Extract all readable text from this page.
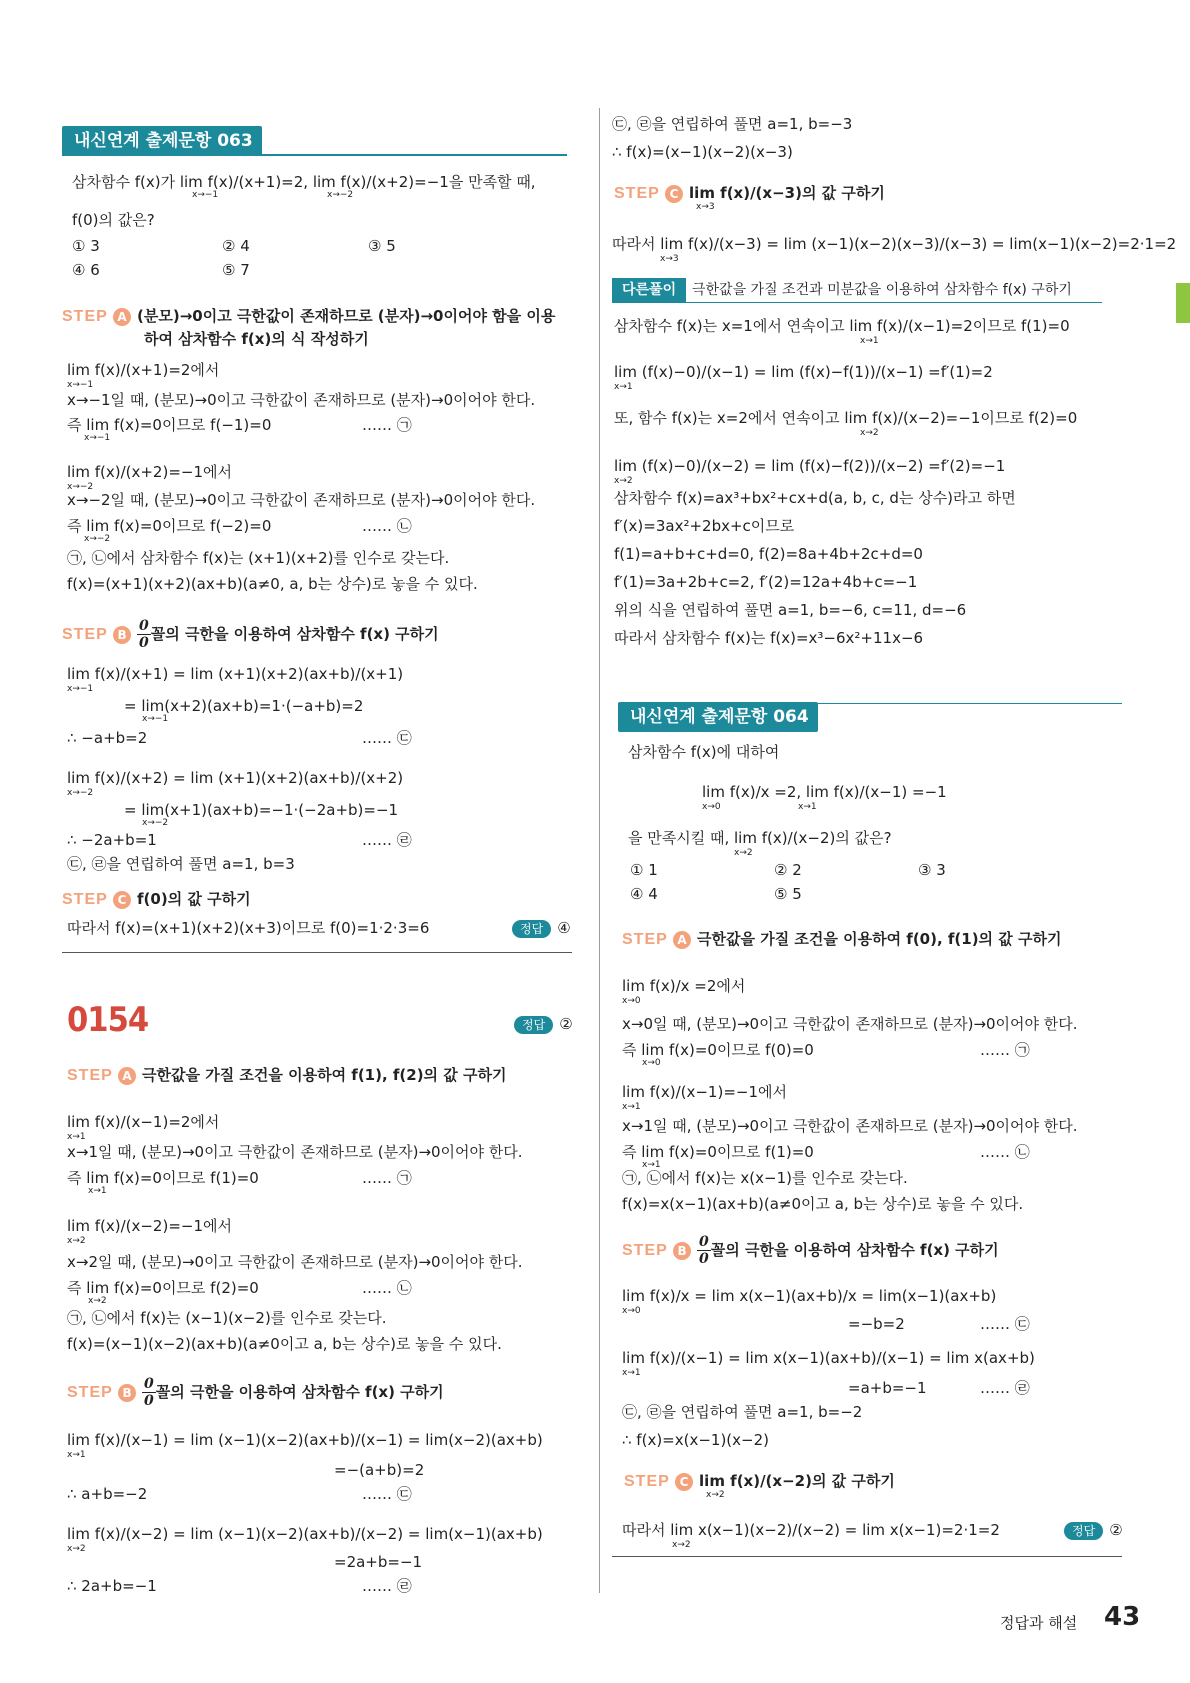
내신연계 출제문항 063
삼차함수 f(x)가 lim f(x)/(x+1)=2, lim f(x)/(x+2)=−1을 만족할 때,
x→−1	x→−2
f(0)의 값은?
① 3	② 4	③ 5
④ 6	⑤ 7
STEP A (분모)→0이고 극한값이 존재하므로 (분자)→0이어야 함을 이용
하여 삼차함수 f(x)의 식 작성하기
lim f(x)/(x+1)=2에서
x→−1
x→−1일 때, (분모)→0이고 극한값이 존재하므로 (분자)→0이어야 한다.
즉 lim f(x)=0이므로 f(−1)=0
x→−1
…… ㉠
lim f(x)/(x+2)=−1에서
x→−2
x→−2일 때, (분모)→0이고 극한값이 존재하므로 (분자)→0이어야 한다.
즉 lim f(x)=0이므로 f(−2)=0
x→−2
…… ㉡
㉠, ㉡에서 삼차함수 f(x)는 (x+1)(x+2)를 인수로 갖는다.
f(x)=(x+1)(x+2)(ax+b)(a≠0, a, b는 상수)로 놓을 수 있다.
STEP B $\frac{0}{0}$ 꼴의 극한을 이용하여 삼차함수 f(x) 구하기
lim f(x)/(x+1) = lim (x+1)(x+2)(ax+b)/(x+1)
x→−1
= lim(x+2)(ax+b)=1·(−a+b)=2
x→−1
∴ −a+b=2	…… ㉢
lim f(x)/(x+2) = lim (x+1)(x+2)(ax+b)/(x+2)
x→−2
= lim(x+1)(ax+b)=−1·(−2a+b)=−1
x→−2
∴ −2a+b=1	…… ㉣
㉢, ㉣을 연립하여 풀면 a=1, b=3
STEP C f(0)의 값 구하기
따라서 f(x)=(x+1)(x+2)(x+3)이므로 f(0)=1·2·3=6	정답 ④
0154	정답 ②
STEP A 극한값을 가질 조건을 이용하여 f(1), f(2)의 값 구하기
lim f(x)/(x−1)=2에서
x→1
x→1일 때, (분모)→0이고 극한값이 존재하므로 (분자)→0이어야 한다.
즉 lim f(x)=0이므로 f(1)=0
x→1
…… ㉠
lim f(x)/(x−2)=−1에서
x→2
x→2일 때, (분모)→0이고 극한값이 존재하므로 (분자)→0이어야 한다.
즉 lim f(x)=0이므로 f(2)=0
x→2
…… ㉡
㉠, ㉡에서 f(x)는 (x−1)(x−2)를 인수로 갖는다.
f(x)=(x−1)(x−2)(ax+b)(a≠0이고 a, b는 상수)로 놓을 수 있다.
STEP B $\frac{0}{0}$ 꼴의 극한을 이용하여 삼차함수 f(x) 구하기
lim f(x)/(x−1) = lim (x−1)(x−2)(ax+b)/(x−1) = lim(x−2)(ax+b)
x→1
=−(a+b)=2
∴ a+b=−2	…… ㉢
lim f(x)/(x−2) = lim (x−1)(x−2)(ax+b)/(x−2) = lim(x−1)(ax+b)
x→2
=2a+b=−1
∴ 2a+b=−1	…… ㉣
㉢, ㉣을 연립하여 풀면 a=1, b=−3
∴ f(x)=(x−1)(x−2)(x−3)
STEP C lim f(x)/(x−3)의 값 구하기
x→3
따라서 lim f(x)/(x−3) = lim (x−1)(x−2)(x−3)/(x−3) = lim(x−1)(x−2)=2·1=2
x→3
다른풀이	극한값을 가질 조건과 미분값을 이용하여 삼차함수 f(x) 구하기
삼차함수 f(x)는 x=1에서 연속이고 lim f(x)/(x−1)=2이므로 f(1)=0
x→1
lim (f(x)−0)/(x−1) = lim (f(x)−f(1))/(x−1) =f′(1)=2
x→1
또, 함수 f(x)는 x=2에서 연속이고 lim f(x)/(x−2)=−1이므로 f(2)=0
x→2
lim (f(x)−0)/(x−2) = lim (f(x)−f(2))/(x−2) =f′(2)=−1
x→2
삼차함수 f(x)=ax³+bx²+cx+d(a, b, c, d는 상수)라고 하면
f′(x)=3ax²+2bx+c이므로
f(1)=a+b+c+d=0, f(2)=8a+4b+2c+d=0
f′(1)=3a+2b+c=2, f′(2)=12a+4b+c=−1
위의 식을 연립하여 풀면 a=1, b=−6, c=11, d=−6
따라서 삼차함수 f(x)는 f(x)=x³−6x²+11x−6
내신연계 출제문항 064
삼차함수 f(x)에 대하여
lim f(x)/x =2, lim f(x)/(x−1) =−1
x→0	x→1
을 만족시킬 때, lim f(x)/(x−2)의 값은?
x→2
① 1	② 2	③ 3
④ 4	⑤ 5
STEP A 극한값을 가질 조건을 이용하여 f(0), f(1)의 값 구하기
lim f(x)/x =2에서
x→0
x→0일 때, (분모)→0이고 극한값이 존재하므로 (분자)→0이어야 한다.
즉 lim f(x)=0이므로 f(0)=0
x→0
…… ㉠
lim f(x)/(x−1)=−1에서
x→1
x→1일 때, (분모)→0이고 극한값이 존재하므로 (분자)→0이어야 한다.
즉 lim f(x)=0이므로 f(1)=0
x→1
…… ㉡
㉠, ㉡에서 f(x)는 x(x−1)를 인수로 갖는다.
f(x)=x(x−1)(ax+b)(a≠0이고 a, b는 상수)로 놓을 수 있다.
STEP B $\frac{0}{0}$ 꼴의 극한을 이용하여 삼차함수 f(x) 구하기
lim f(x)/x = lim x(x−1)(ax+b)/x = lim(x−1)(ax+b)
x→0
=−b=2	…… ㉢
lim f(x)/(x−1) = lim x(x−1)(ax+b)/(x−1) = lim x(ax+b)
x→1
=a+b=−1	…… ㉣
㉢, ㉣을 연립하여 풀면 a=1, b=−2
∴ f(x)=x(x−1)(x−2)
STEP C lim f(x)/(x−2)의 값 구하기
x→2
따라서 lim x(x−1)(x−2)/(x−2) = lim x(x−1)=2·1=2
x→2
정답 ②
정답과 해설 43
